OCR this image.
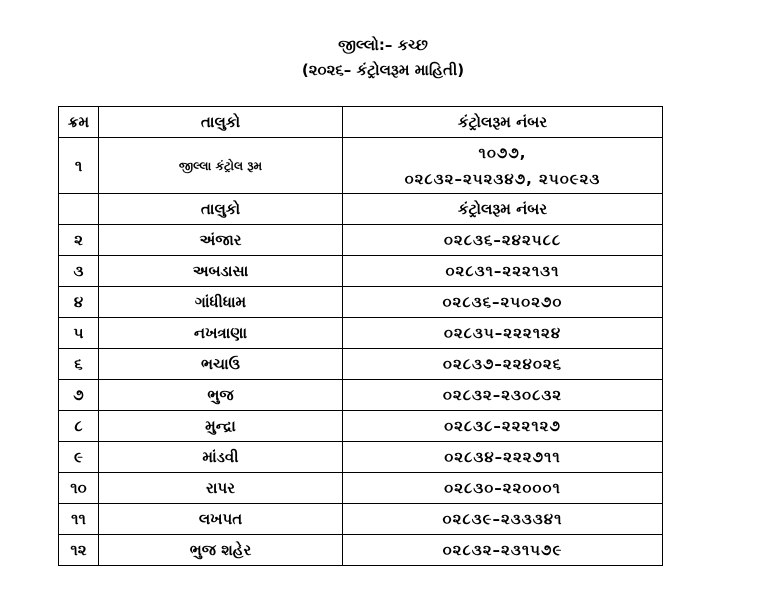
જીલ્લો:– કચ્છ
(૨૦૨૬– કંટ્રોલરૂમ માહિતી)
ક્રમ	તાલુકો	કંટ્રોલરૂમ નંબર
૧	જીલ્લા કંટ્રોલ રૂમ	૧૦૭૭,
૦૨૮૩૨–૨૫૨૩૪૭, ૨૫૦૯૨૩

	તાલુકો	કંટ્રોલરૂમ નંબર
૨	અંજાર	૦૨૮૩૬–૨૪૨૫૮૮
૩	અબડાસા	૦૨૮૩૧–૨૨૨૧૩૧
૪	ગાંધીધામ	૦૨૮૩૬–૨૫૦૨૭૦
૫	નખત્રાણા	૦૨૮૩૫–૨૨૨૧૨૪
૬	ભચાઉ	૦૨૮૩૭–૨૨૪૦૨૬
૭	ભુજ	૦૨૮૩૨–૨૩૦૮૩૨
૮	મુન્દ્રા	૦૨૮૩૮–૨૨૨૧૨૭
૯	માંડવી	૦૨૮૩૪–૨૨૨૭૧૧
૧૦	રાપર	૦૨૮૩૦–૨૨૦૦૦૧
૧૧	લખપત	૦૨૮૩૯–૨૩૩૩૪૧
૧૨	ભુજ શહેર	૦૨૮૩૨–૨૩૧૫૭૯
